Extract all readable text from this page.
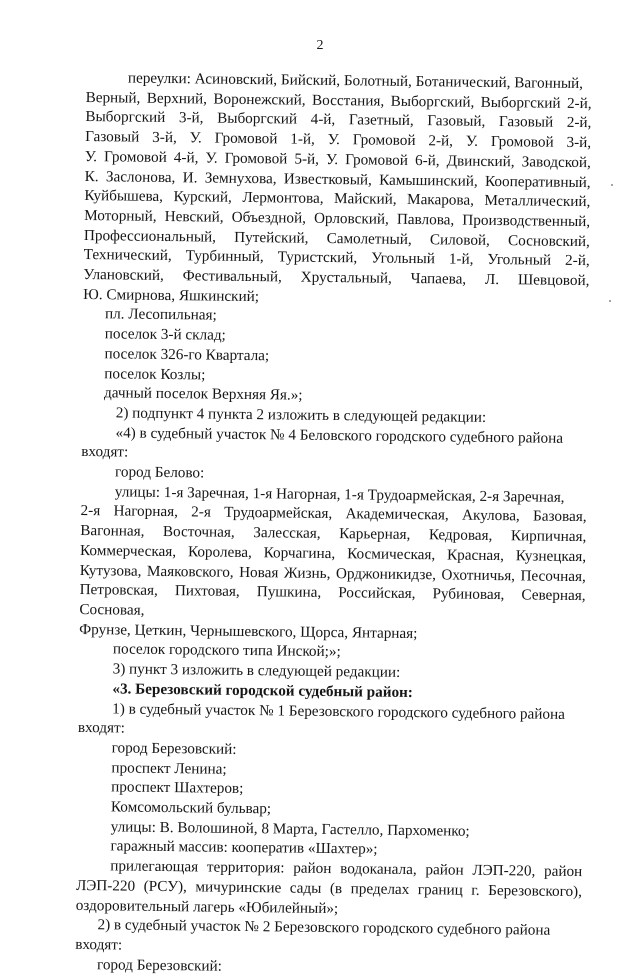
2
переулки: Асиновский, Бийский, Болотный, Ботанический, Вагонный,
Верный, Верхний, Воронежский, Восстания, Выборгский, Выборгский 2-й,
Выборгский 3-й, Выборгский 4-й, Газетный, Газовый, Газовый 2-й,
Газовый 3-й, У. Громовой 1-й, У. Громовой 2-й, У. Громовой 3-й,
У. Громовой 4-й, У. Громовой 5-й, У. Громовой 6-й, Двинский, Заводской,
К. Заслонова, И. Земнухова, Известковый, Камышинский, Кооперативный,
Куйбышева, Курский, Лермонтова, Майский, Макарова, Металлический,
Моторный, Невский, Объездной, Орловский, Павлова, Производственный,
Профессиональный, Путейский, Самолетный, Силовой, Сосновский,
Технический, Турбинный, Туристский, Угольный 1-й, Угольный 2-й,
Улановский, Фестивальный, Хрустальный, Чапаева, Л. Шевцовой,
Ю. Смирнова, Яшкинский;
пл. Лесопильная;
поселок 3-й склад;
поселок 326-го Квартала;
поселок Козлы;
дачный поселок Верхняя Яя.»;
2) подпункт 4 пункта 2 изложить в следующей редакции:
«4) в судебный участок № 4 Беловского городского судебного района
входят:
город Белово:
улицы: 1-я Заречная, 1-я Нагорная, 1-я Трудоармейская, 2-я Заречная,
2-я Нагорная, 2-я Трудоармейская, Академическая, Акулова, Базовая,
Вагонная, Восточная, Залесская, Карьерная, Кедровая, Кирпичная,
Коммерческая, Королева, Корчагина, Космическая, Красная, Кузнецкая,
Кутузова, Маяковского, Новая Жизнь, Орджоникидзе, Охотничья, Песочная,
Петровская, Пихтовая, Пушкина, Российская, Рубиновая, Северная, Сосновая,
Фрунзе, Цеткин, Чернышевского, Щорса, Янтарная;
поселок городского типа Инской;»;
3) пункт 3 изложить в следующей редакции:
«3. Березовский городской судебный район:
1) в судебный участок № 1 Березовского городского судебного района
входят:
город Березовский:
проспект Ленина;
проспект Шахтеров;
Комсомольский бульвар;
улицы: В. Волошиной, 8 Марта, Гастелло, Пархоменко;
гаражный массив: кооператив «Шахтер»;
прилегающая территория: район водоканала, район ЛЭП-220, район
ЛЭП-220 (РСУ), мичуринские сады (в пределах границ г. Березовского),
оздоровительный лагерь «Юбилейный»;
2) в судебный участок № 2 Березовского городского судебного района
входят:
город Березовский:
